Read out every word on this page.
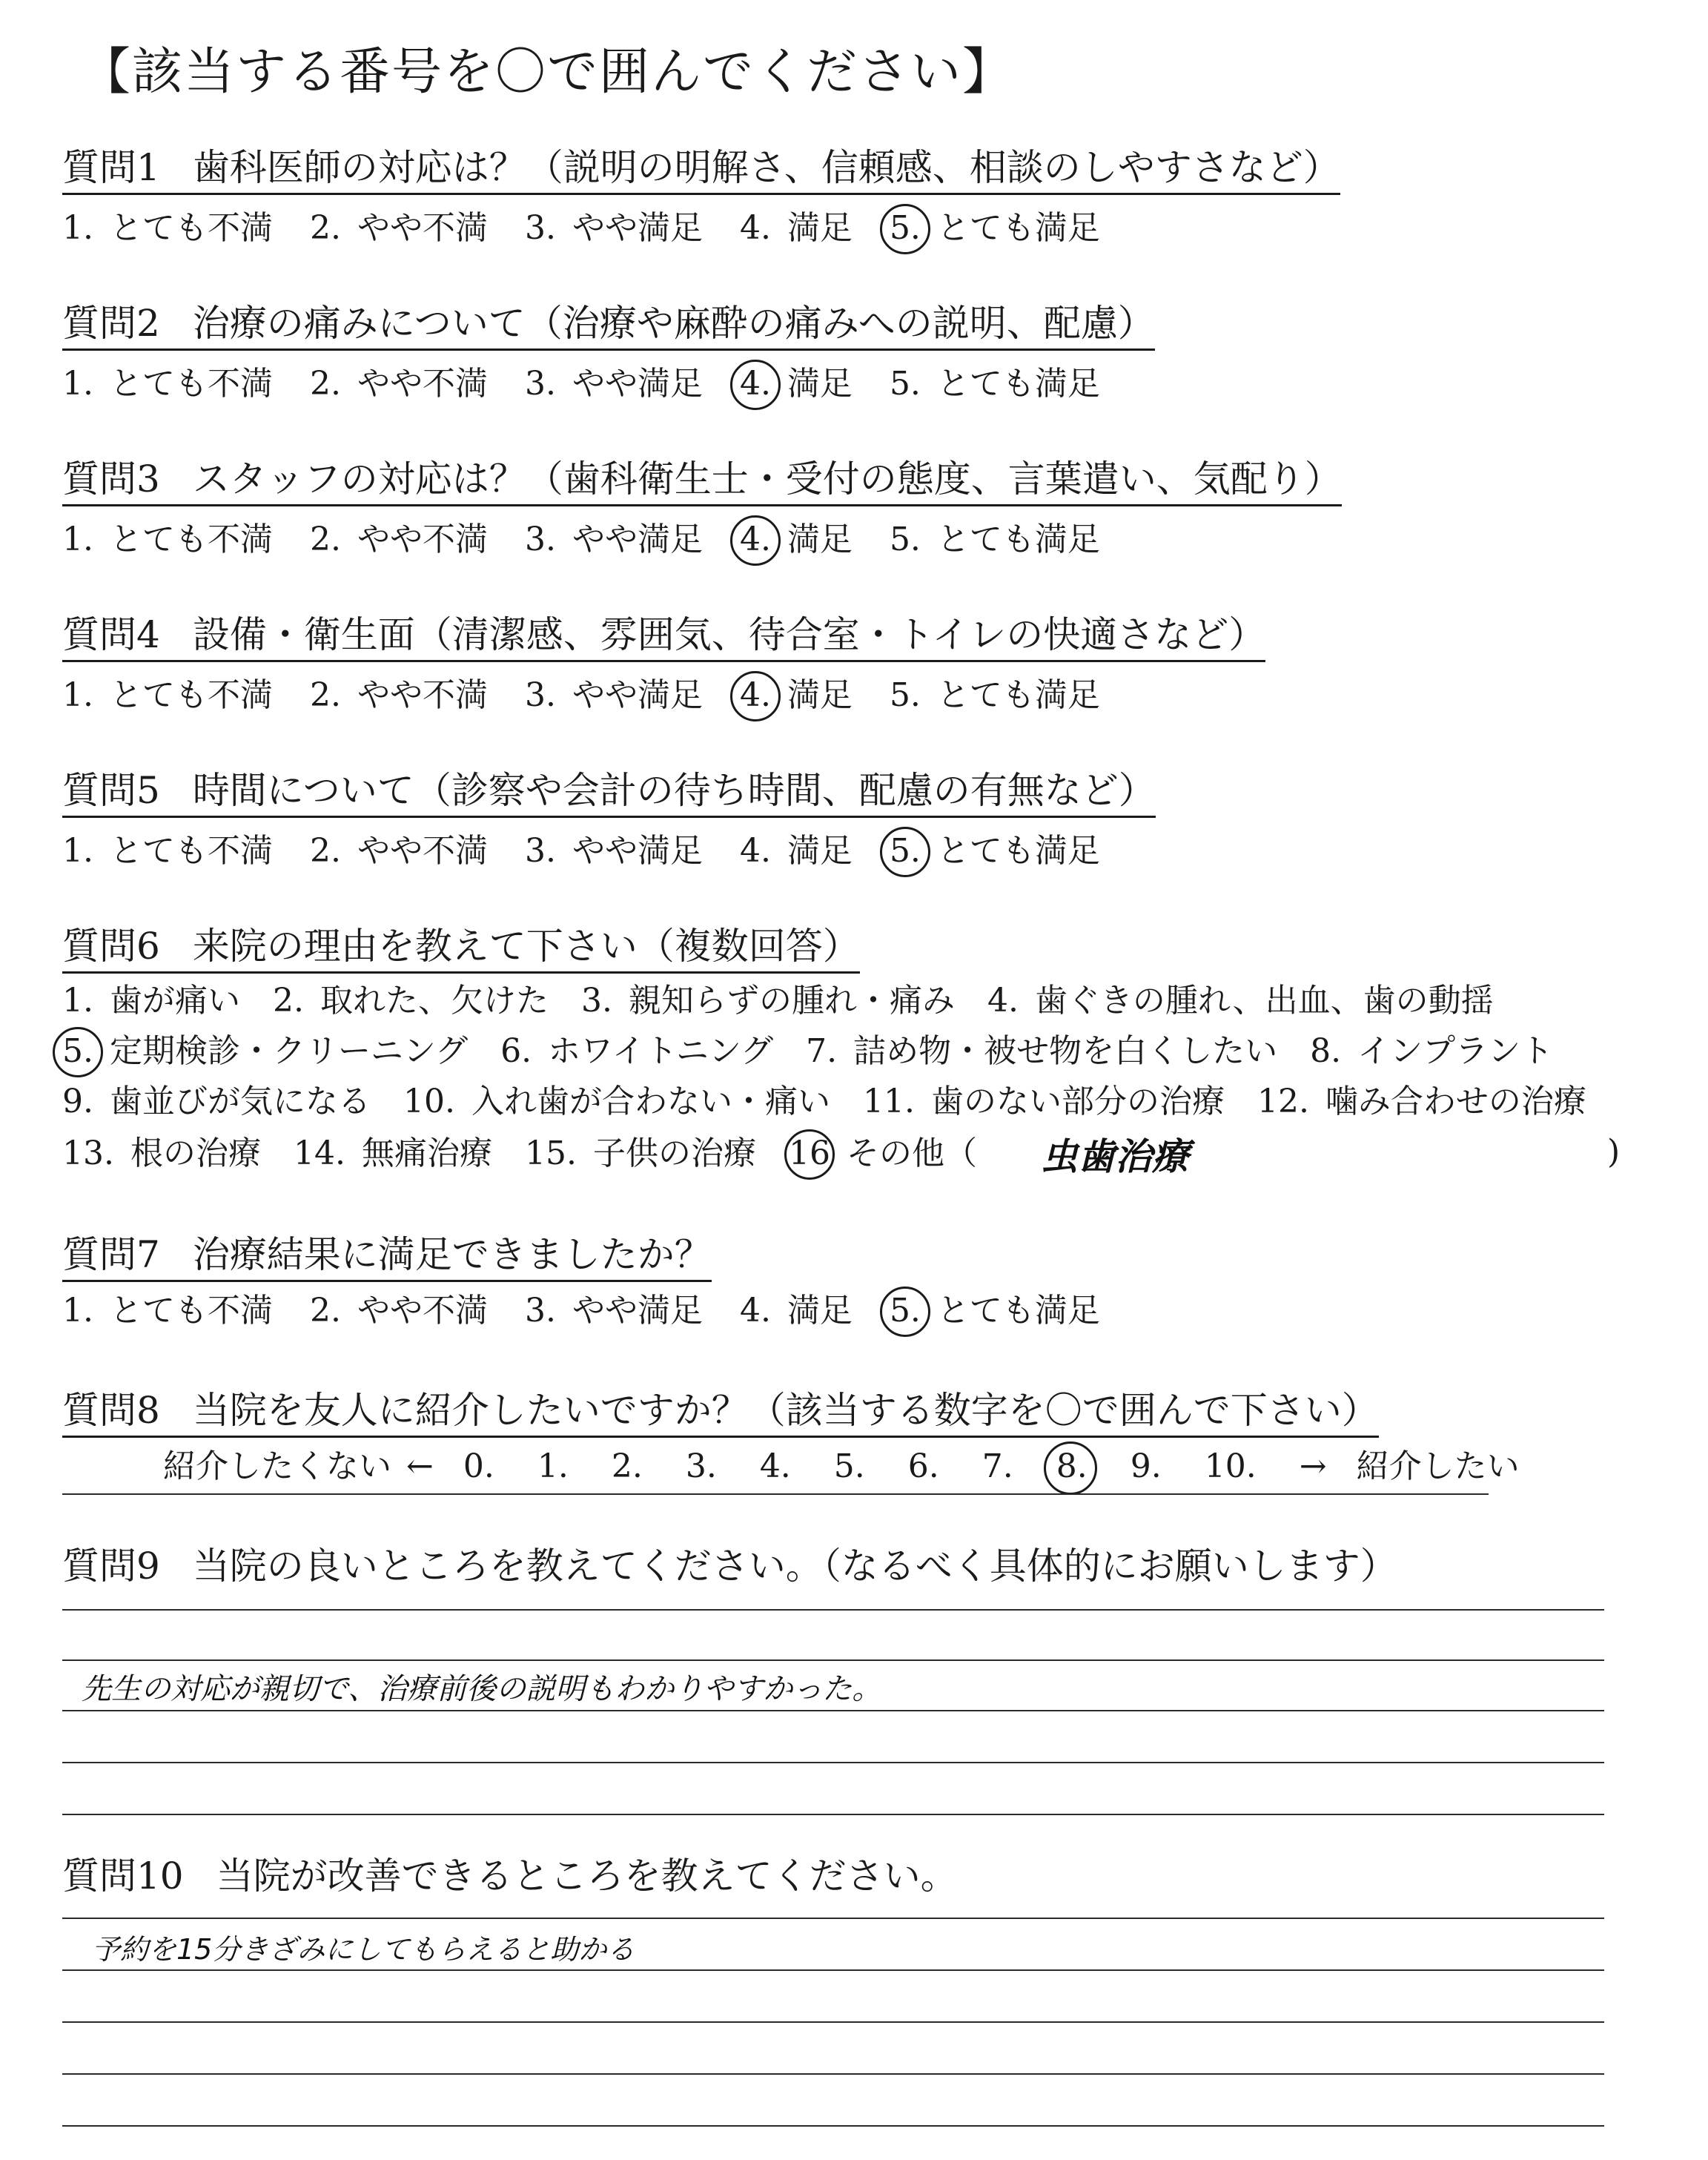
【該当する番号を〇で囲んでください】
質問1 歯科医師の対応は？（説明の明解さ、信頼感、相談のしやすさなど）
1. とても不満 2. やや不満 3. やや満足 4. 満足 5. とても満足
質問2 治療の痛みについて（治療や麻酔の痛みへの説明、配慮）
1. とても不満 2. やや不満 3. やや満足 4. 満足 5. とても満足
質問3 スタッフの対応は？（歯科衛生士・受付の態度、言葉遣い、気配り）
1. とても不満 2. やや不満 3. やや満足 4. 満足 5. とても満足
質問4 設備・衛生面（清潔感、雰囲気、待合室・トイレの快適さなど）
1. とても不満 2. やや不満 3. やや満足 4. 満足 5. とても満足
質問5 時間について（診察や会計の待ち時間、配慮の有無など）
1. とても不満 2. やや不満 3. やや満足 4. 満足 5. とても満足
質問6 来院の理由を教えて下さい（複数回答）
1. 歯が痛い 2. 取れた、欠けた 3. 親知らずの腫れ・痛み 4. 歯ぐきの腫れ、出血、歯の動揺
5. 定期検診・クリーニング 6. ホワイトニング 7. 詰め物・被せ物を白くしたい 8. インプラント
9. 歯並びが気になる 10. 入れ歯が合わない・痛い 11. 歯のない部分の治療 12. 噛み合わせの治療
13. 根の治療 14. 無痛治療 15. 子供の治療 16 その他（ 虫歯治療	)
質問7 治療結果に満足できましたか？
1. とても不満 2. やや不満 3. やや満足 4. 満足 5. とても満足
質問8 当院を友人に紹介したいですか？（該当する数字を〇で囲んで下さい）
紹介したくない ← 0. 1. 2. 3. 4. 5. 6. 7. 8. 9. 10. → 紹介したい
質問9 当院の良いところを教えてください。（なるべく具体的にお願いします）
先生の対応が親切で、治療前後の説明もわかりやすかった。
質問10 当院が改善できるところを教えてください。
予約を15分きざみにしてもらえると助かる
